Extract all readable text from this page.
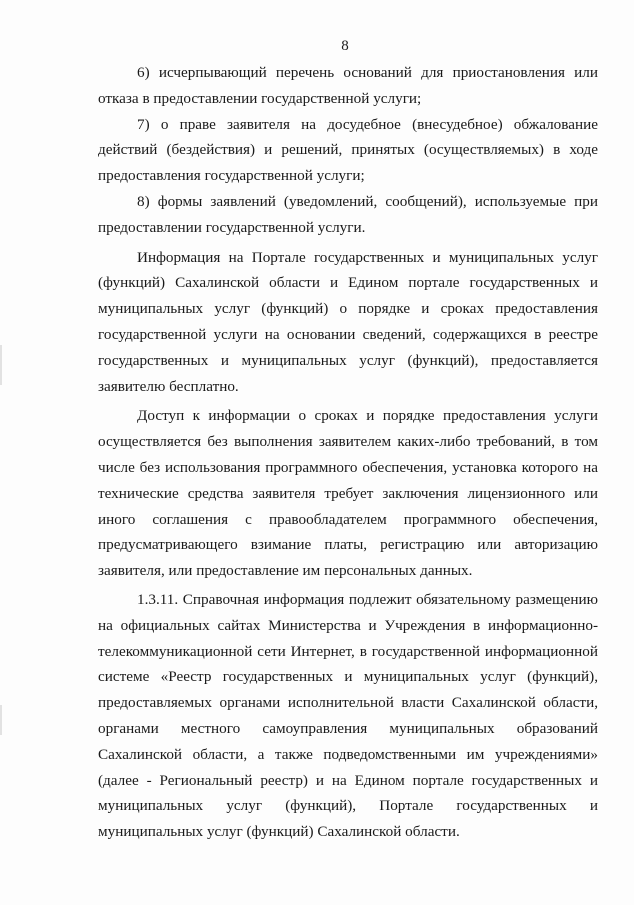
8

6) исчерпывающий перечень оснований для приостановления или отказа в предоставлении государственной услуги;

7) о праве заявителя на досудебное (внесудебное) обжалование действий (бездействия) и решений, принятых (осуществляемых) в ходе предоставления государственной услуги;

8) формы заявлений (уведомлений, сообщений), используемые при предоставлении государственной услуги.

Информация на Портале государственных и муниципальных услуг (функций) Сахалинской области и Едином портале государственных и муниципальных услуг (функций) о порядке и сроках предоставления государственной услуги на основании сведений, содержащихся в реестре государственных и муниципальных услуг (функций), предоставляется заявителю бесплатно.

Доступ к информации о сроках и порядке предоставления услуги осуществляется без выполнения заявителем каких-либо требований, в том числе без использования программного обеспечения, установка которого на технические средства заявителя требует заключения лицензионного или иного соглашения с правообладателем программного обеспечения, предусматривающего взимание платы, регистрацию или авторизацию заявителя, или предоставление им персональных данных.

1.3.11. Справочная информация подлежит обязательному размещению на официальных сайтах Министерства и Учреждения в информационно-телекоммуникационной сети Интернет, в государственной информационной системе «Реестр государственных и муниципальных услуг (функций), предоставляемых органами исполнительной власти Сахалинской области, органами местного самоуправления муниципальных образований Сахалинской области, а также подведомственными им учреждениями» (далее - Региональный реестр) и на Едином портале государственных и муниципальных услуг (функций), Портале государственных и муниципальных услуг (функций) Сахалинской области.
